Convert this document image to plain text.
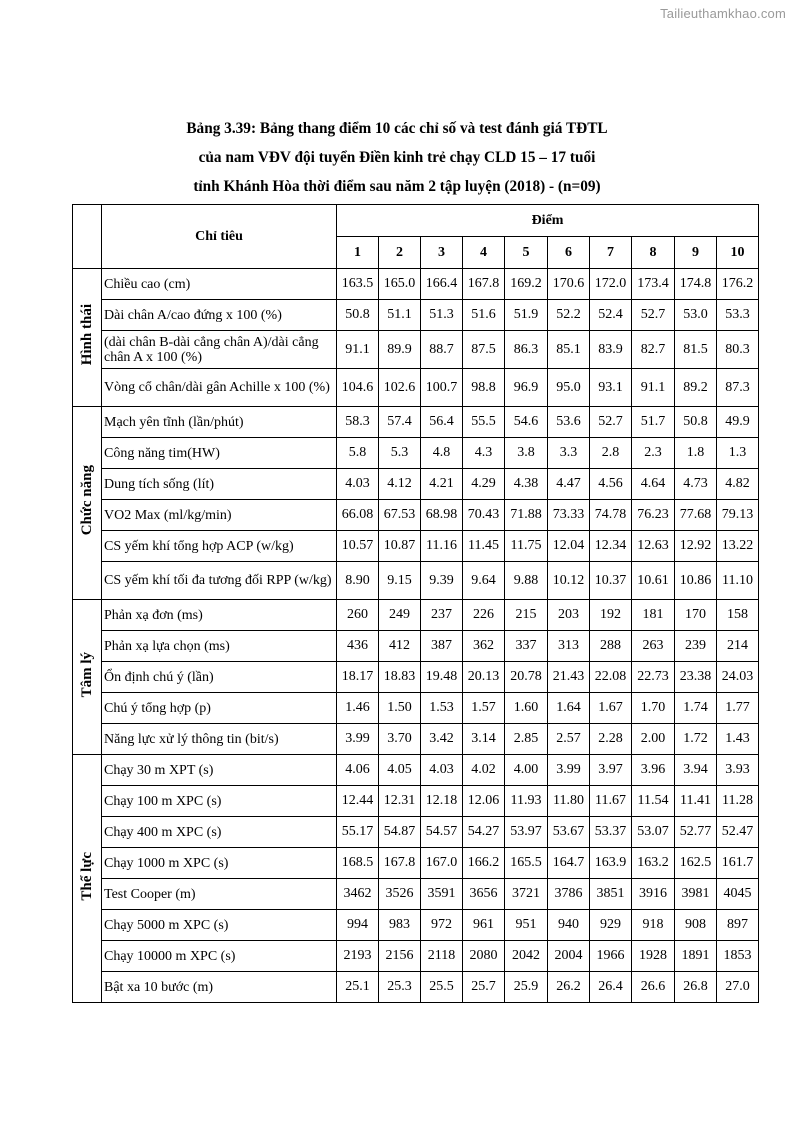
Tailieuthamkhao.com
Bảng 3.39: Bảng thang điểm 10 các chỉ số và test đánh giá TĐTL
của nam VĐV đội tuyển Điền kinh trẻ chạy CLD 15 – 17 tuổi
tỉnh Khánh Hòa thời điểm sau năm 2 tập luyện (2018) - (n=09)
	Chỉ tiêu	Điểm									
		1	2	3	4	5	6	7	8	9	10
Hình thái	Chiều cao (cm)	163.5	165.0	166.4	167.8	169.2	170.6	172.0	173.4	174.8	176.2
	Dài chân A/cao đứng x 100 (%)	50.8	51.1	51.3	51.6	51.9	52.2	52.4	52.7	53.0	53.3
	(dài chân B-dài cẳng chân A)/dài cẳng chân A x 100 (%)	91.1	89.9	88.7	87.5	86.3	85.1	83.9	82.7	81.5	80.3
	Vòng cổ chân/dài gân Achille x 100 (%)	104.6	102.6	100.7	98.8	96.9	95.0	93.1	91.1	89.2	87.3
Chức năng	Mạch yên tĩnh (lần/phút)	58.3	57.4	56.4	55.5	54.6	53.6	52.7	51.7	50.8	49.9
	Công năng tim(HW)	5.8	5.3	4.8	4.3	3.8	3.3	2.8	2.3	1.8	1.3
	Dung tích sống (lít)	4.03	4.12	4.21	4.29	4.38	4.47	4.56	4.64	4.73	4.82
	VO2 Max (ml/kg/min)	66.08	67.53	68.98	70.43	71.88	73.33	74.78	76.23	77.68	79.13
	CS yếm khí tổng hợp ACP (w/kg)	10.57	10.87	11.16	11.45	11.75	12.04	12.34	12.63	12.92	13.22
	CS yếm khí tối đa tương đối RPP (w/kg)	8.90	9.15	9.39	9.64	9.88	10.12	10.37	10.61	10.86	11.10
Tâm lý	Phản xạ đơn (ms)	260	249	237	226	215	203	192	181	170	158
	Phản xạ lựa chọn (ms)	436	412	387	362	337	313	288	263	239	214
	Ổn định chú ý (lần)	18.17	18.83	19.48	20.13	20.78	21.43	22.08	22.73	23.38	24.03
	Chú ý tổng hợp (p)	1.46	1.50	1.53	1.57	1.60	1.64	1.67	1.70	1.74	1.77
	Năng lực xử lý thông tin (bit/s)	3.99	3.70	3.42	3.14	2.85	2.57	2.28	2.00	1.72	1.43
Thể lực	Chạy 30 m XPT (s)	4.06	4.05	4.03	4.02	4.00	3.99	3.97	3.96	3.94	3.93
	Chạy 100 m XPC (s)	12.44	12.31	12.18	12.06	11.93	11.80	11.67	11.54	11.41	11.28
	Chạy 400 m XPC (s)	55.17	54.87	54.57	54.27	53.97	53.67	53.37	53.07	52.77	52.47
	Chạy 1000 m XPC (s)	168.5	167.8	167.0	166.2	165.5	164.7	163.9	163.2	162.5	161.7
	Test Cooper (m)	3462	3526	3591	3656	3721	3786	3851	3916	3981	4045
	Chạy 5000 m XPC (s)	994	983	972	961	951	940	929	918	908	897
	Chạy 10000 m XPC (s)	2193	2156	2118	2080	2042	2004	1966	1928	1891	1853
	Bật xa 10 bước (m)	25.1	25.3	25.5	25.7	25.9	26.2	26.4	26.6	26.8	27.0
